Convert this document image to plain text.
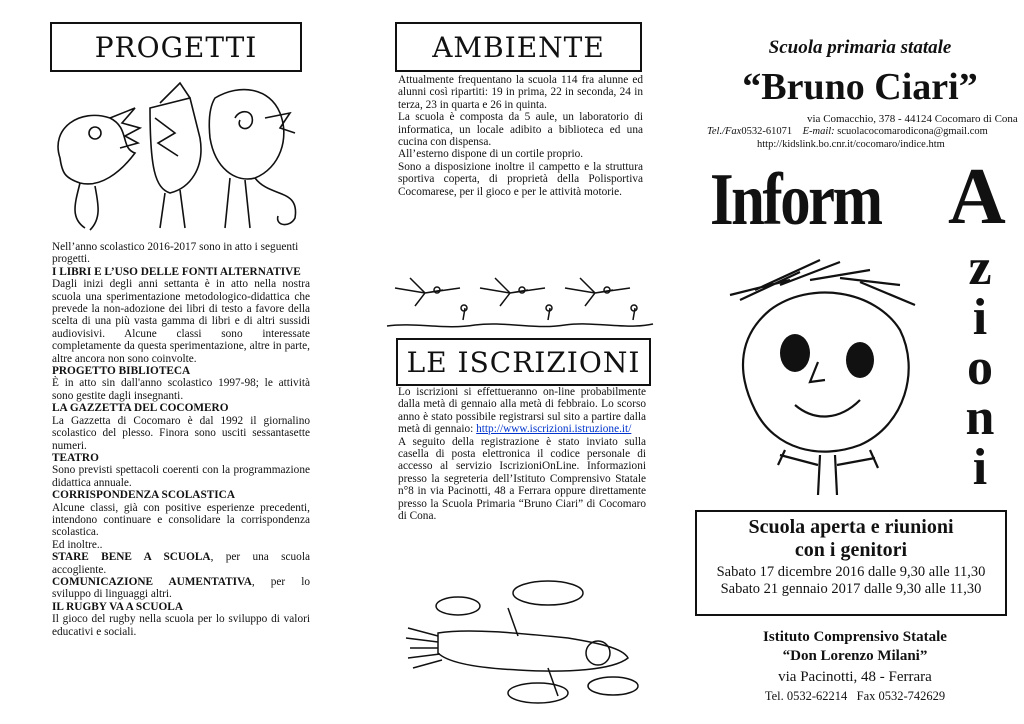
PROGETTI

Nell’anno scolastico 2016-2017 sono in atto i seguenti progetti.

I LIBRI E L’USO DELLE FONTI ALTERNATIVE

Dagli inizi degli anni settanta è in atto nella nostra scuola una sperimentazione metodologico-didattica che prevede la non-adozione dei libri di testo a favore della scelta di una più vasta gamma di libri e di altri sussidi audiovisivi. Alcune classi sono interessate completamente da questa sperimentazione, altre in parte, altre ancora non sono coinvolte.

PROGETTO BIBLIOTECA

È in atto sin dall'anno scolastico 1997-98; le attività sono gestite dagli insegnanti.

LA GAZZETTA DEL COCOMERO

La Gazzetta di Cocomaro è dal 1992 il giornalino scolastico del plesso. Finora sono usciti sessantasette numeri.

TEATRO

Sono previsti spettacoli coerenti con la programmazione didattica annuale.

CORRISPONDENZA SCOLASTICA

Alcune classi, già con positive esperienze precedenti, intendono continuare e consolidare la corrispondenza scolastica.

Ed inoltre..

STARE BENE A SCUOLA, per una scuola accogliente.

COMUNICAZIONE AUMENTATIVA, per lo sviluppo di linguaggi altri.

IL RUGBY VA A SCUOLA

Il gioco del rugby nella scuola per lo sviluppo di valori educativi e sociali.

AMBIENTE

Attualmente frequentano la scuola 114 fra alunne ed alunni così ripartiti: 19 in prima, 22 in seconda, 24 in terza, 23 in quarta e 26 in quinta.

La scuola è composta da 5 aule, un laboratorio di informatica, un locale adibito a biblioteca ed una cucina con dispensa.

All’esterno dispone di un cortile proprio.

Sono a disposizione inoltre il campetto e la struttura sportiva coperta, di proprietà della Polisportiva Cocomarese, per il gioco e per le attività motorie.

LE ISCRIZIONI

Lo iscrizioni si effettueranno on-line probabilmente dalla metà di gennaio alla metà di febbraio. Lo scorso anno è stato possibile registrarsi sul sito a partire dalla metà di gennaio: http://www.iscrizioni.istruzione.it/

A seguito della registrazione è stato inviato sulla casella di posta elettronica il codice personale di accesso al servizio IscrizioniOnLine. Informazioni presso la segreteria dell’Istituto Comprensivo Statale n°8 in via Pacinotti, 48 a Ferrara oppure direttamente presso la Scuola Primaria “Bruno Ciari” di Cocomaro di Cona.

Scuola primaria statale
“Bruno Ciari”
via Comacchio, 378 - 44124 Cocomaro di Cona
Tel./Fax0532-61071 E-mail: scuolacocomarodicona@gmail.com
http://kidslink.bo.cnr.it/cocomaro/indice.htm
Inform A
z
i
o
n
i
Scuola aperta e riunioni
con i genitori
Sabato 17 dicembre 2016 dalle 9,30 alle 11,30
Sabato 21 gennaio 2017 dalle 9,30 alle 11,30
Istituto Comprensivo Statale
“Don Lorenzo Milani”
via Pacinotti, 48 - Ferrara
Tel. 0532-62214   Fax 0532-742629
